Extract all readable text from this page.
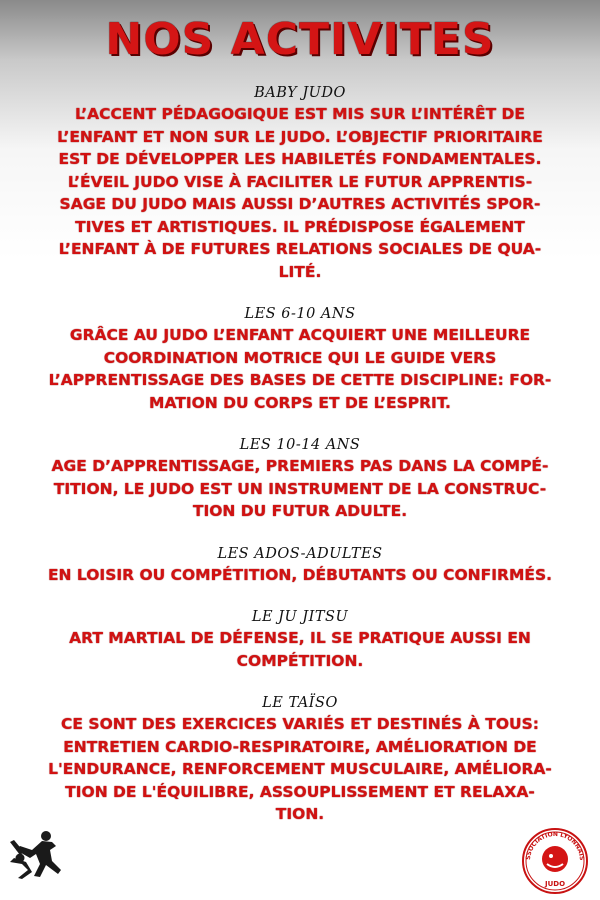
NOS ACTIVITES
BABY JUDO
L’ACCENT PÉDAGOGIQUE EST MIS SUR L’INTÉRÊT DE
L’ENFANT ET NON SUR LE JUDO. L’OBJECTIF PRIORITAIRE
EST DE DÉVELOPPER LES HABILETÉS FONDAMENTALES.
L’ÉVEIL JUDO VISE À FACILITER LE FUTUR APPRENTIS-
SAGE DU JUDO MAIS AUSSI D’AUTRES ACTIVITÉS SPOR-
TIVES ET ARTISTIQUES. IL PRÉDISPOSE ÉGALEMENT
L’ENFANT À DE FUTURES RELATIONS SOCIALES DE QUA-
LITÉ.
LES 6-10 ANS
GRÂCE AU JUDO L’ENFANT ACQUIERT UNE MEILLEURE
COORDINATION MOTRICE QUI LE GUIDE VERS
L’APPRENTISSAGE DES BASES DE CETTE DISCIPLINE: FOR-
MATION DU CORPS ET DE L’ESPRIT.
LES 10-14 ANS
AGE D’APPRENTISSAGE, PREMIERS PAS DANS LA COMPÉ-
TITION, LE JUDO EST UN INSTRUMENT DE LA CONSTRUC-
TION DU FUTUR ADULTE.
LES ADOS-ADULTES
EN LOISIR OU COMPÉTITION, DÉBUTANTS OU CONFIRMÉS.
LE JU JITSU
ART MARTIAL DE DÉFENSE, IL SE PRATIQUE AUSSI EN
COMPÉTITION.
LE TAÏSO
CE SONT DES EXERCICES VARIÉS ET DESTINÉS À TOUS:
ENTRETIEN CARDIO-RESPIRATOIRE, AMÉLIORATION DE
L'ENDURANCE, RENFORCEMENT MUSCULAIRE, AMÉLIORA-
TION DE L'ÉQUILIBRE, ASSOUPLISSEMENT ET RELAXA-
TION.
SSOCIATION LYONNAIS
JUDO
